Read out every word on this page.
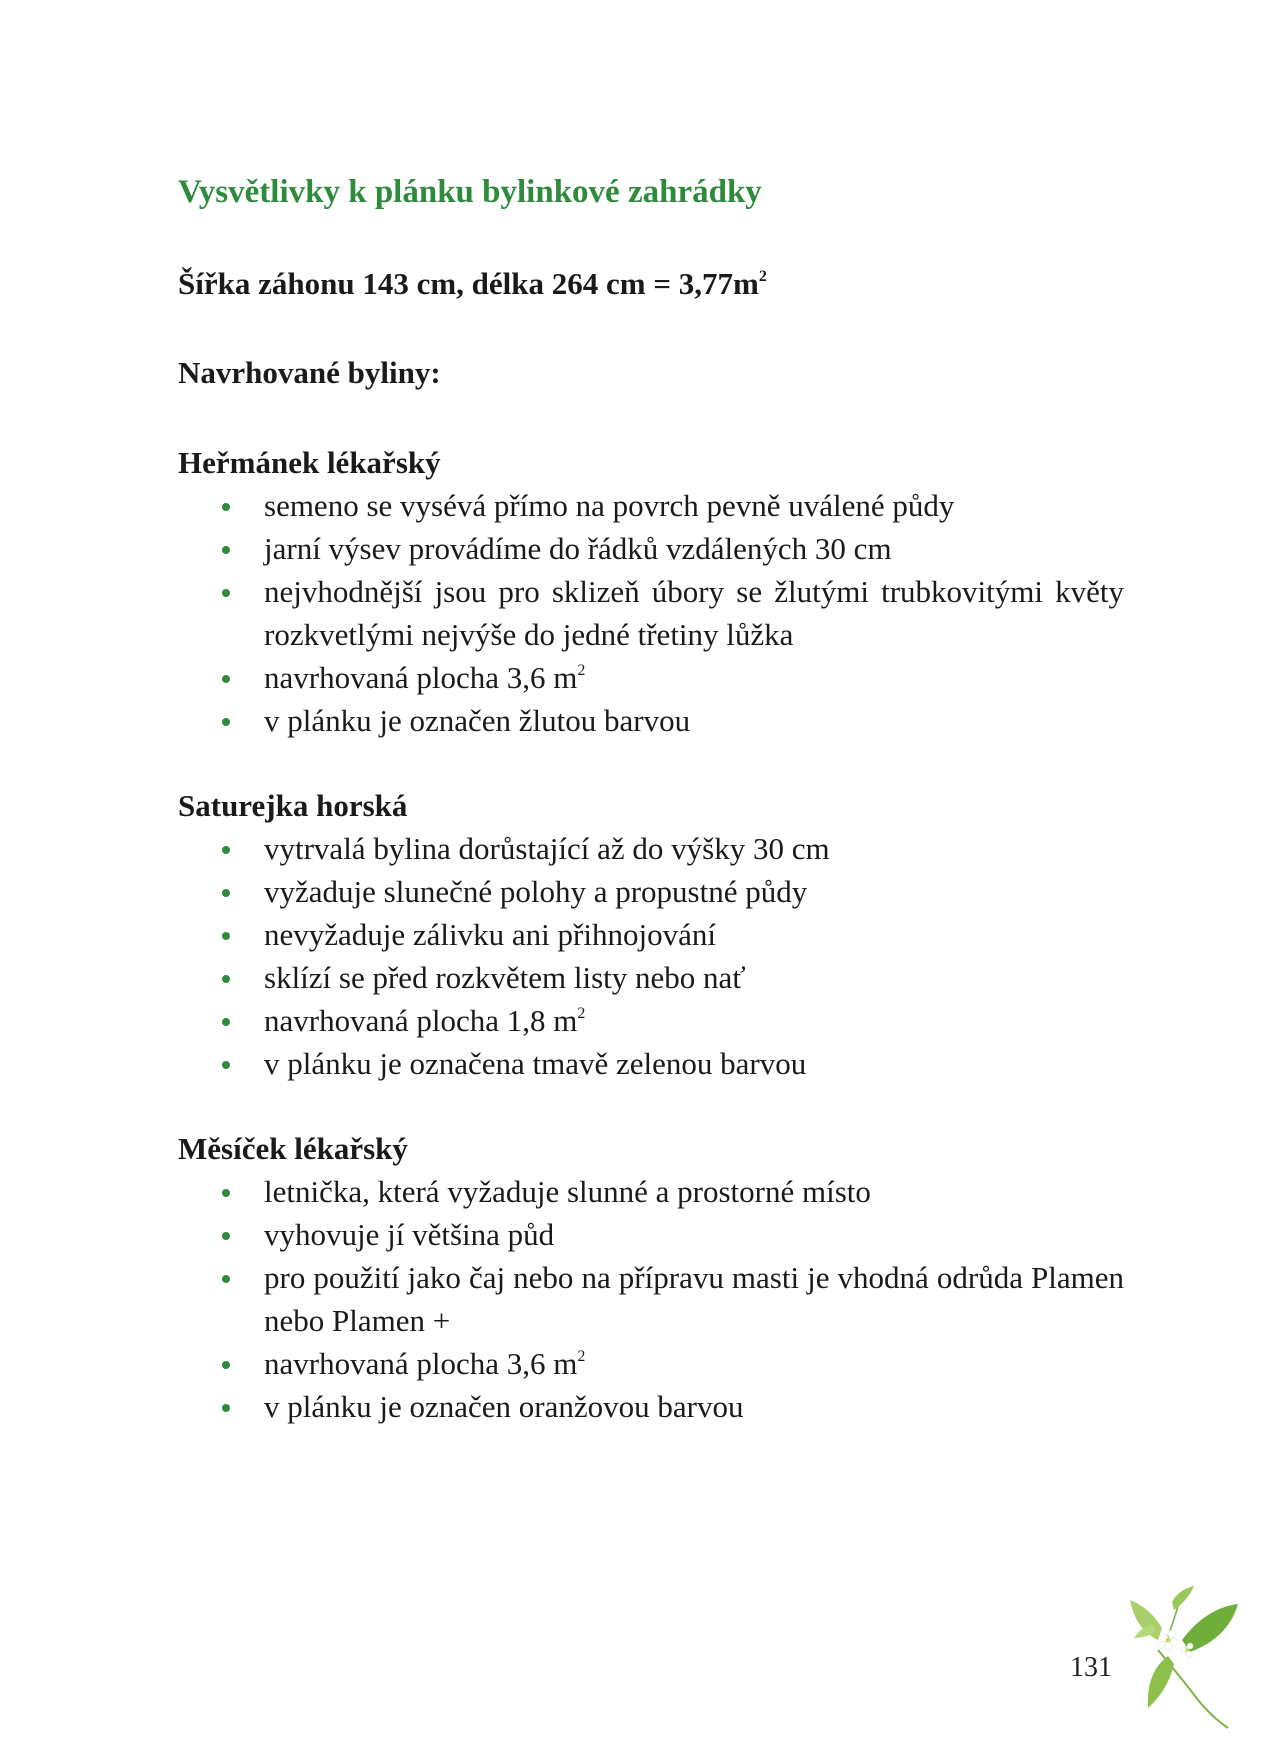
Vysvětlivky k plánku bylinkové zahrádky

Šířka záhonu 143 cm, délka 264 cm = $3,77m^2$

Navrhované byliny:

Heřmánek lékařský

semeno se vysévá přímo na povrch pevně uválené půdy
jarní výsev provádíme do řádků vzdálených 30 cm
nejvhodnější jsou pro sklizeň úbory se žlutými trubkovitými květy rozkvetlými nejvýše do jedné třetiny lůžka
navrhovaná plocha 3,6 $m^2$
v plánku je označen žlutou barvou

Saturejka horská

vytrvalá bylina dorůstající až do výšky 30 cm
vyžaduje slunečné polohy a propustné půdy
nevyžaduje zálivku ani přihnojování
sklízí se před rozkvětem listy nebo nať
navrhovaná plocha 1,8 $m^2$
v plánku je označena tmavě zelenou barvou

Měsíček lékařský

letnička, která vyžaduje slunné a prostorné místo
vyhovuje jí většina půd
pro použití jako čaj nebo na přípravu masti je vhodná odrůda Plamen nebo Plamen +
navrhovaná plocha 3,6 $m^2$
v plánku je označen oranžovou barvou
131
